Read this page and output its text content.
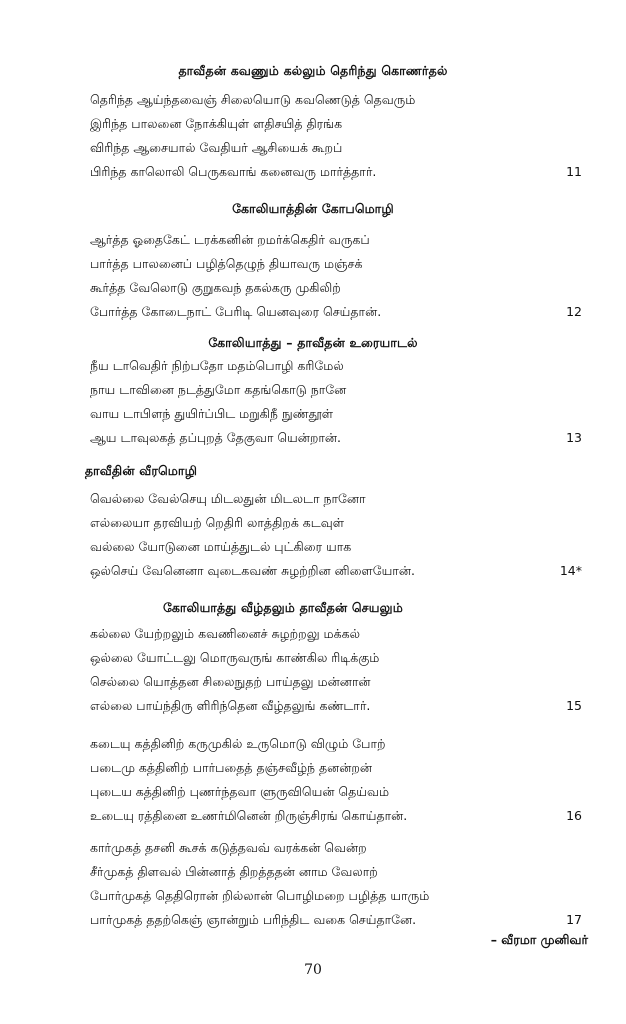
தாவீதன் கவணும் கல்லும் தெரிந்து கொணர்தல்
தெரிந்த ஆய்ந்தவைஞ் சிலையொடு கவணெடுத் தெவரும்
இரிந்த பாலனை நோக்கியுள் ளதிசயித் திரங்க
விரிந்த ஆசையால் வேதியர் ஆசியைக் கூறப்
பிரிந்த காலொலி பெருகவாங் கனைவரு மார்த்தார்.	11
கோலியாத்தின் கோபமொழி
ஆர்த்த ஓதைகேட் டரக்கனின் றமர்க்கெதிர் வருகப்
பார்த்த பாலனைப் பழித்தெழுந் தியாவரு மஞ்சக்
கூர்த்த வேலொடு குறுகவந் தகல்கரு முகிலிற்
போர்த்த கோடைநாட் பேரிடி யெனவுரை செய்தான்.	12
கோலியாத்து – தாவீதன் உரையாடல்
நீய டாவெதிர் நிற்பதோ மதம்பொழி கரிமேல்
நாய டாவினை நடத்துமோ கதங்கொடு நானே
வாய டாபிளந் துயிர்ப்பிட மறுகிநீ நுண்தூள்
ஆய டாவுலகத் தப்புறத் தேகுவா யென்றான்.	13
தாவீதின் வீரமொழி
வெல்லை வேல்செயு மிடலதுன் மிடலடா நானோ
எல்லையா தரவியற் றெதிரி லாத்திறக் கடவுள்
வல்லை யோடுனை மாய்த்துடல் புட்கிரை யாக
ஒல்செய் வேனெனா வுடைகவண் சுழற்றின னிளையோன்.	14*
கோலியாத்து வீழ்தலும் தாவீதன் செயலும்
கல்லை யேற்றலும் கவணினைச் சுழற்றலு மக்கல்
ஒல்லை யோட்டலு மொருவருங் காண்கில ரிடிக்கும்
செல்லை யொத்தன சிலைநுதற் பாய்தலு மன்னான்
எல்லை பாய்ந்திரு ளிரிந்தென வீழ்தலுங் கண்டார்.	15
கடையு கத்தினிற் கருமுகில் உருமொடு விழும் போற்
படைமு கத்தினிற் பார்பதைத் தஞ்சவீழ்ந் தனன்றன்
புடைய கத்தினிற் புணர்ந்தவா ளுருவியென் தெய்வம்
உடையு ரத்தினை உணர்மினென் றிருஞ்சிரங் கொய்தான்.	16
கார்முகத் தசனி கூசக் கடுத்தவவ் வரக்கன் வென்ற
சீர்முகத் திளவல் பின்னாத் திறத்ததன் னாம வேலாற்
போர்முகத் தெதிரொன் றில்லான் பொழிமறை பழித்த யாரும்
பார்முகத் ததற்கெஞ் ஞான்றும் பரிந்திட வகை செய்தானே.	17
– வீரமா முனிவர்
70
